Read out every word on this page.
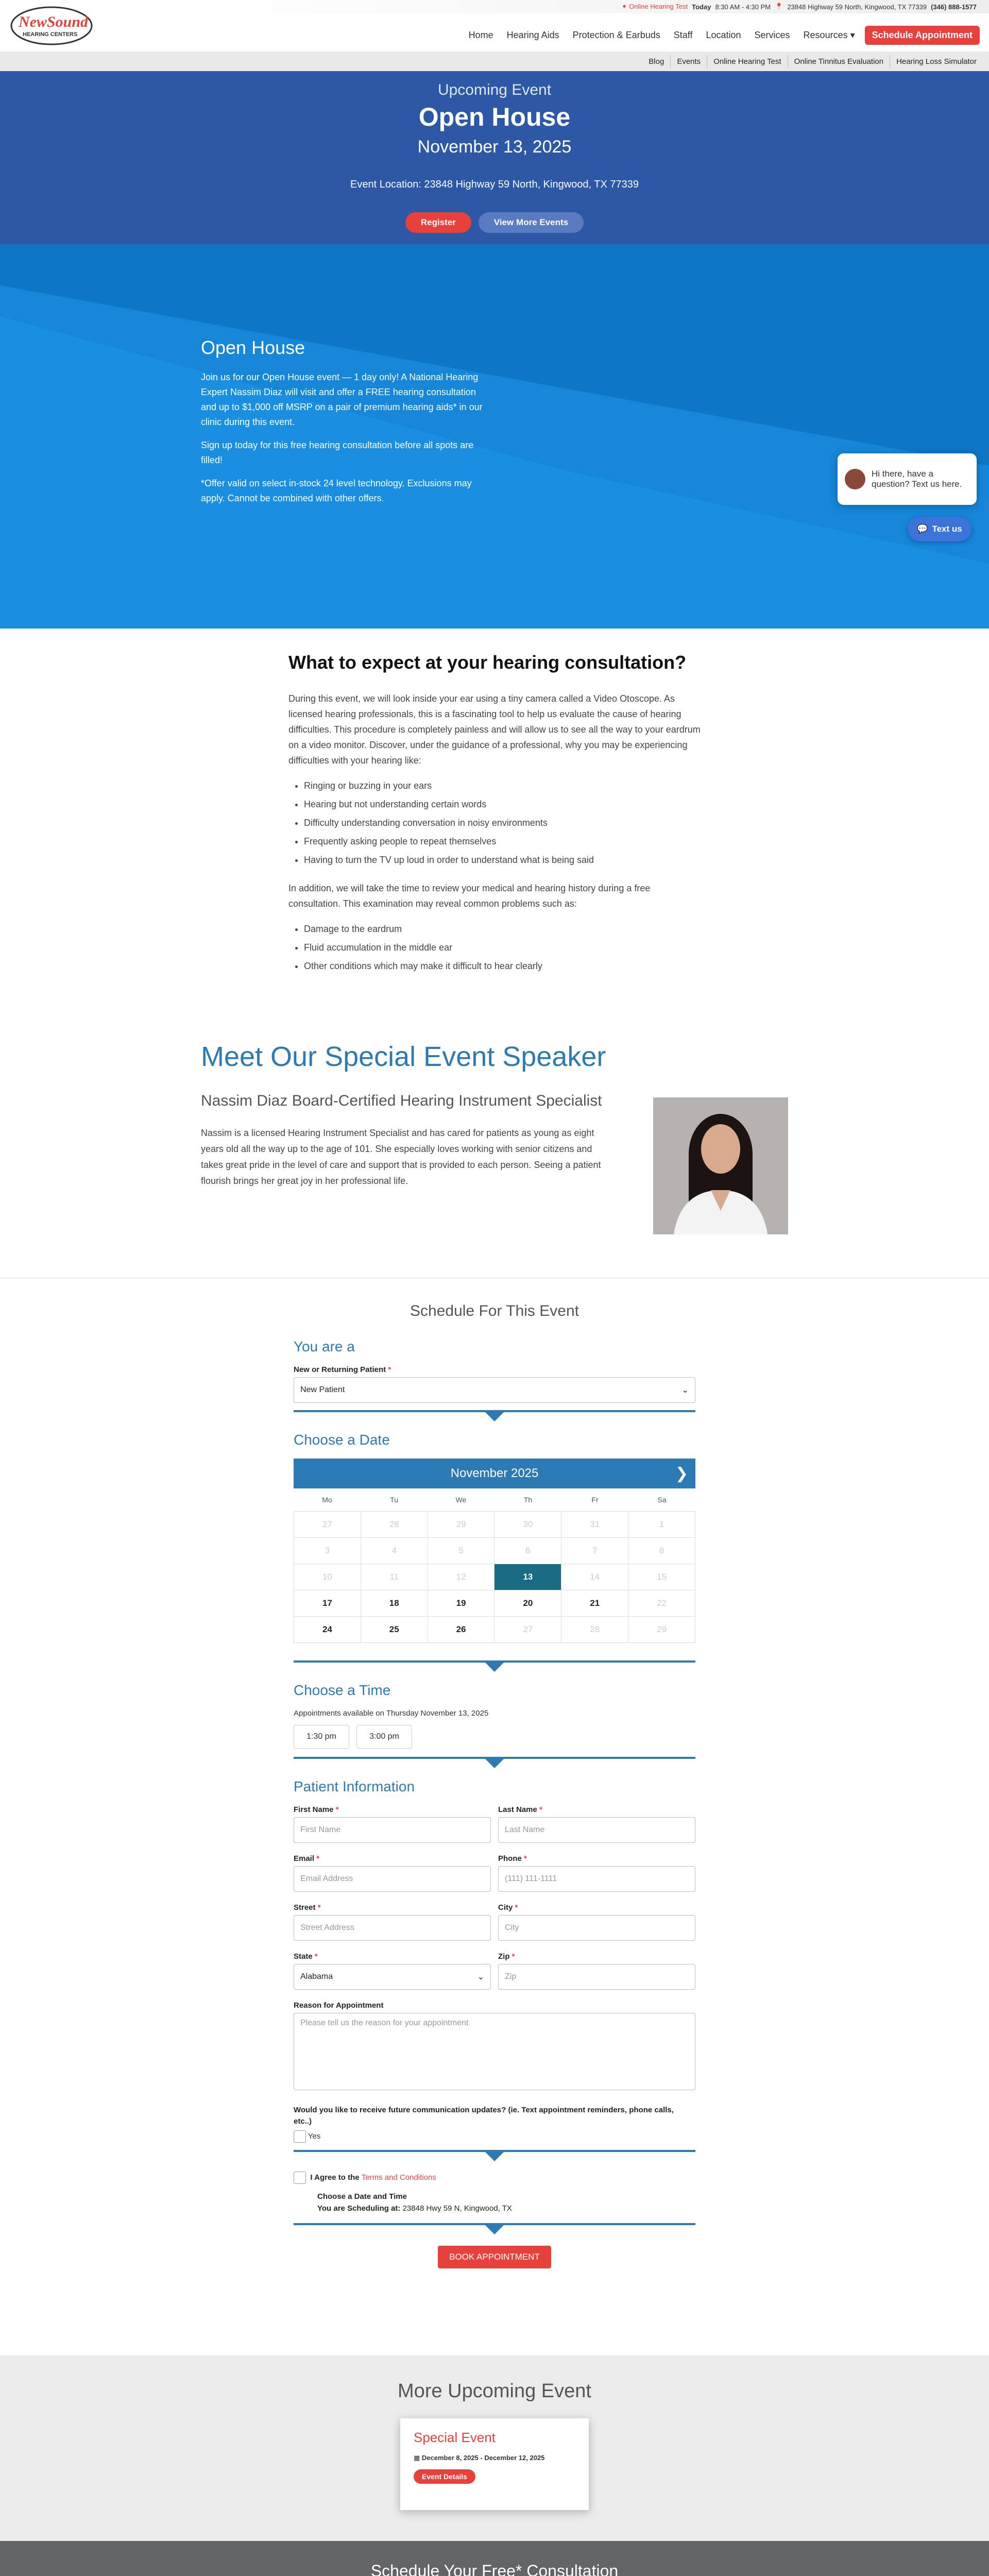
✦ Online Hearing Test Today 8:30 AM - 4:30 PM 📍 23848 Highway 59 North, Kingwood, TX 77339 (346) 888-1577
NewSound
HEARING CENTERS	Home	Hearing Aids	Protection & Earbuds	Staff	Location	Services	Resources ▾	Schedule Appointment
Blog	Events	Online Hearing Test	Online Tinnitus Evaluation	Hearing Loss Simulator
Upcoming Event
Open House
November 13, 2025
Event Location: 23848 Highway 59 North, Kingwood, TX 77339
Register	View More Events
Open House

Join us for our Open House event — 1 day only! A National Hearing Expert Nassim Diaz will visit and offer a FREE hearing consultation and up to $1,000 off MSRP on a pair of premium hearing aids* in our clinic during this event.

Sign up today for this free hearing consultation before all spots are filled!

*Offer valid on select in-stock 24 level technology. Exclusions may apply. Cannot be combined with other offers.

Hi there, have a question? Text us here.
💬 Text us
What to expect at your hearing consultation?

During this event, we will look inside your ear using a tiny camera called a Video Otoscope. As licensed hearing professionals, this is a fascinating tool to help us evaluate the cause of hearing difficulties. This procedure is completely painless and will allow us to see all the way to your eardrum on a video monitor. Discover, under the guidance of a professional, why you may be experiencing difficulties with your hearing like:

• Ringing or buzzing in your ears
• Hearing but not understanding certain words
• Difficulty understanding conversation in noisy environments
• Frequently asking people to repeat themselves
• Having to turn the TV up loud in order to understand what is being said

In addition, we will take the time to review your medical and hearing history during a free consultation. This examination may reveal common problems such as:

• Damage to the eardrum
• Fluid accumulation in the middle ear
• Other conditions which may make it difficult to hear clearly
Meet Our Special Event Speaker
Nassim Diaz Board-Certified Hearing Instrument Specialist

Nassim is a licensed Hearing Instrument Specialist and has cared for patients as young as eight years old all the way up to the age of 101. She especially loves working with senior citizens and takes great pride in the level of care and support that is provided to each person. Seeing a patient flourish brings her great joy in her professional life.

Schedule For This Event
You are a
New or Returning Patient *
New Patient	⌄
Choose a Date
November 2025	❯
Mo	Tu	We	Th	Fr	Sa
27	28	29	30	31	1
3	4	5	6	7	8
10	11	12	13	14	15
17	18	19	20	21	22
24	25	26	27	28	29
Choose a Time
Appointments available on Thursday November 13, 2025
1:30 pm	3:00 pm
Patient Information
First Name *
First Name
Last Name *
Last Name
Email *
Email Address
Phone *
(111) 111-1111
Street *
Street Address
City *
City
State *
Alabama	⌄
Zip *
Zip
Reason for Appointment
Please tell us the reason for your appointment
Would you like to receive future communication updates? (ie. Text appointment reminders, phone calls, etc..)
Yes
I Agree to the Terms and Conditions
Choose a Date and Time
You are Scheduling at: 23848 Hwy 59 N, Kingwood, TX
BOOK APPOINTMENT
More Upcoming Event
Special Event
▦ December 8, 2025 - December 12, 2025
Event Details
Schedule Your Free* Consultation
